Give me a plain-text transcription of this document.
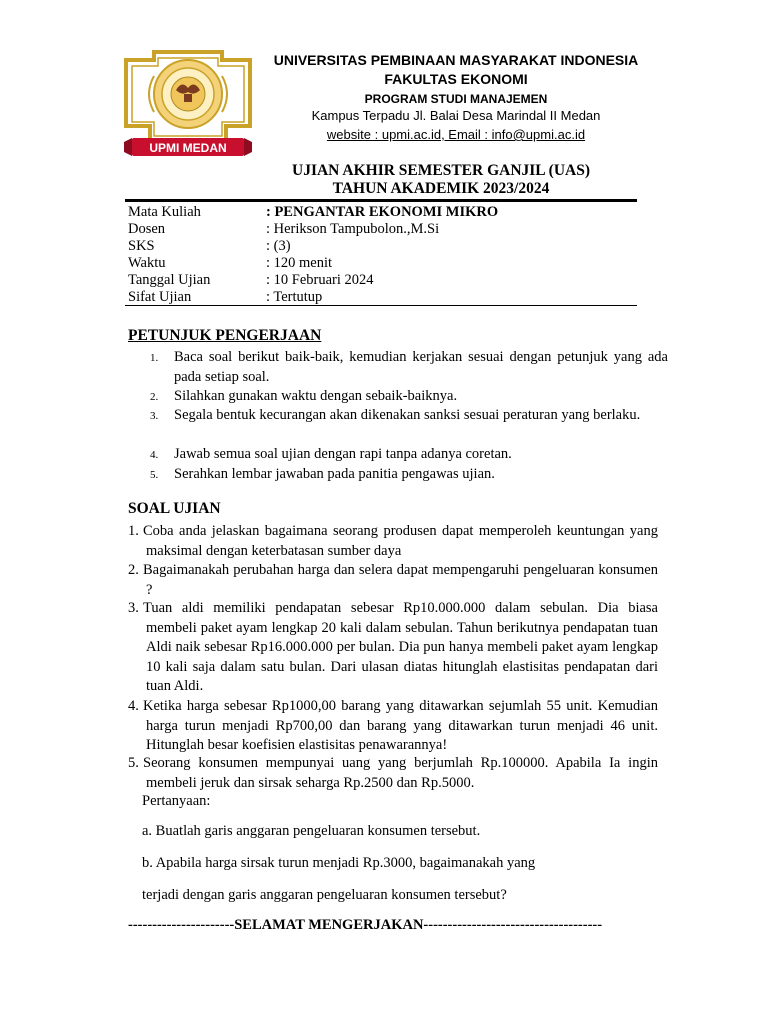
UPMI MEDAN
UNIVERSITAS PEMBINAAN MASYARAKAT INDONESIA
FAKULTAS EKONOMI
PROGRAM STUDI MANAJEMEN
Kampus Terpadu Jl. Balai Desa Marindal II Medan
website : upmi.ac.id, Email : info@upmi.ac.id
UJIAN AKHIR SEMESTER GANJIL (UAS)
TAHUN AKADEMIK 2023/2024
Mata Kuliah	: PENGANTAR EKONOMI MIKRO
Dosen	: Herikson Tampubolon.,M.Si
SKS	: (3)
Waktu	: 120 menit
Tanggal Ujian	: 10 Februari 2024
Sifat Ujian	: Tertutup
PETUNJUK PENGERJAAN
1. Baca soal berikut baik-baik, kemudian kerjakan sesuai dengan petunjuk yang ada pada setiap soal.
2. Silahkan gunakan waktu dengan sebaik-baiknya.
3. Segala bentuk kecurangan akan dikenakan sanksi sesuai peraturan yang berlaku.
4. Jawab semua soal ujian dengan rapi tanpa adanya coretan.
5. Serahkan lembar jawaban pada panitia pengawas ujian.
SOAL UJIAN
1. Coba anda jelaskan bagaimana seorang produsen dapat memperoleh keuntungan yang maksimal dengan keterbatasan sumber daya
2. Bagaimanakah perubahan harga dan selera dapat mempengaruhi pengeluaran konsumen ?
3. Tuan aldi memiliki pendapatan sebesar Rp10.000.000 dalam sebulan. Dia biasa membeli paket ayam lengkap 20 kali dalam sebulan. Tahun berikutnya pendapatan tuan Aldi naik sebesar Rp16.000.000 per bulan. Dia pun hanya membeli paket ayam lengkap 10 kali saja dalam satu bulan. Dari ulasan diatas hitunglah elastisitas pendapatan dari tuan Aldi.
4. Ketika harga sebesar Rp1000,00 barang yang ditawarkan sejumlah 55 unit. Kemudian harga turun menjadi Rp700,00 dan barang yang ditawarkan turun menjadi 46 unit. Hitunglah besar koefisien elastisitas penawarannya!
5. Seorang konsumen mempunyai uang yang berjumlah Rp.100000. Apabila Ia ingin membeli jeruk dan sirsak seharga Rp.2500 dan Rp.5000.
Pertanyaan:
a. Buatlah garis anggaran pengeluaran konsumen tersebut.
b. Apabila harga sirsak turun menjadi Rp.3000, bagaimanakah yang
terjadi dengan garis anggaran pengeluaran konsumen tersebut?
----------------------SELAMAT MENGERJAKAN-------------------------------------
